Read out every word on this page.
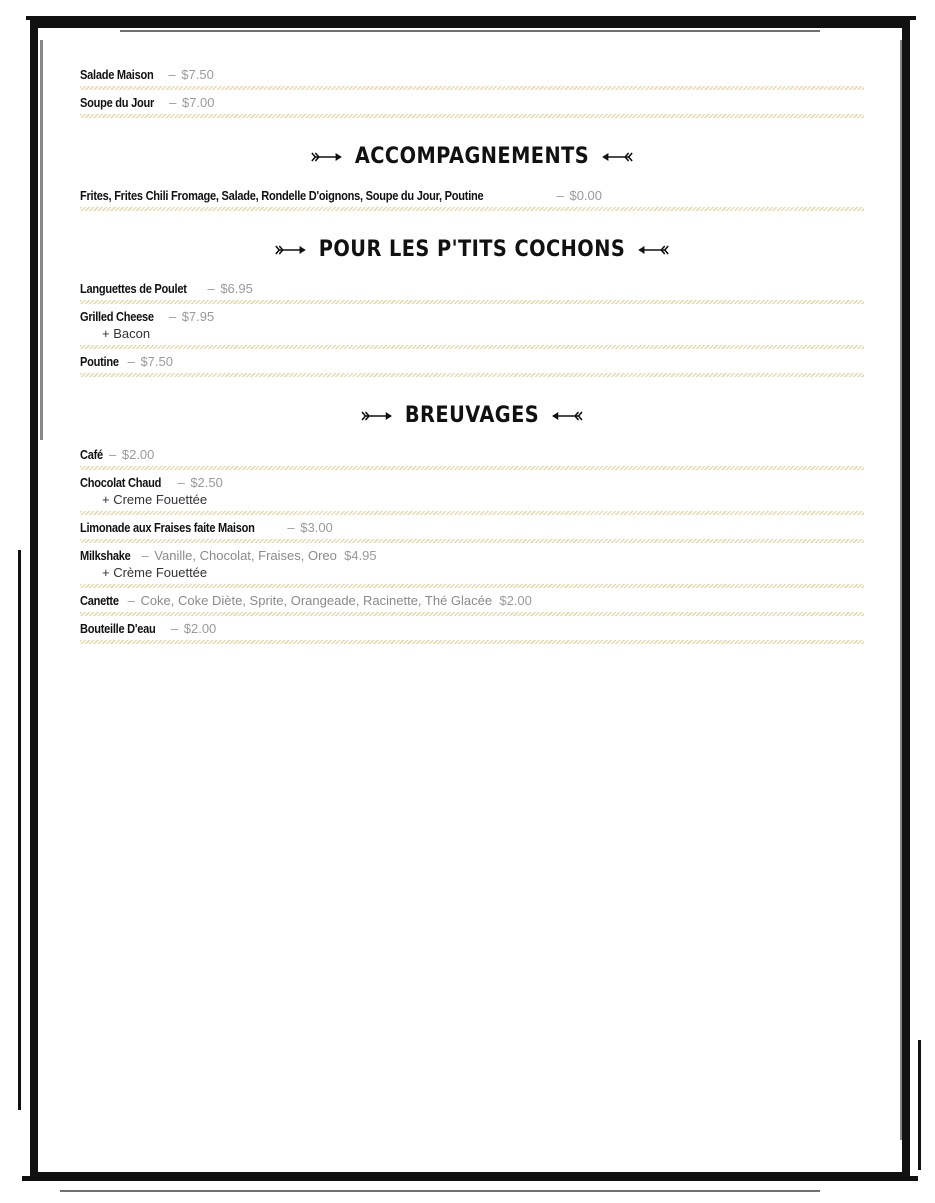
Salade Maison – $7.50
Soupe du Jour – $7.00
ACCOMPAGNEMENTS
Frites, Frites Chili Fromage, Salade, Rondelle D'oignons, Soupe du Jour, Poutine	– $0.00
POUR LES P'TITS COCHONS
Languettes de Poulet – $6.95
Grilled Cheese – $7.95
+ Bacon
Poutine – $7.50
BREUVAGES
Café – $2.00
Chocolat Chaud – $2.50
+ Creme Fouettée
Limonade aux Fraises faite Maison	– $3.00
Milkshake – Vanille, Chocolat, Fraises, Oreo $4.95
+ Crème Fouettée
Canette – Coke, Coke Diète, Sprite, Orangeade, Racinette, Thé Glacée $2.00
Bouteille D'eau – $2.00
